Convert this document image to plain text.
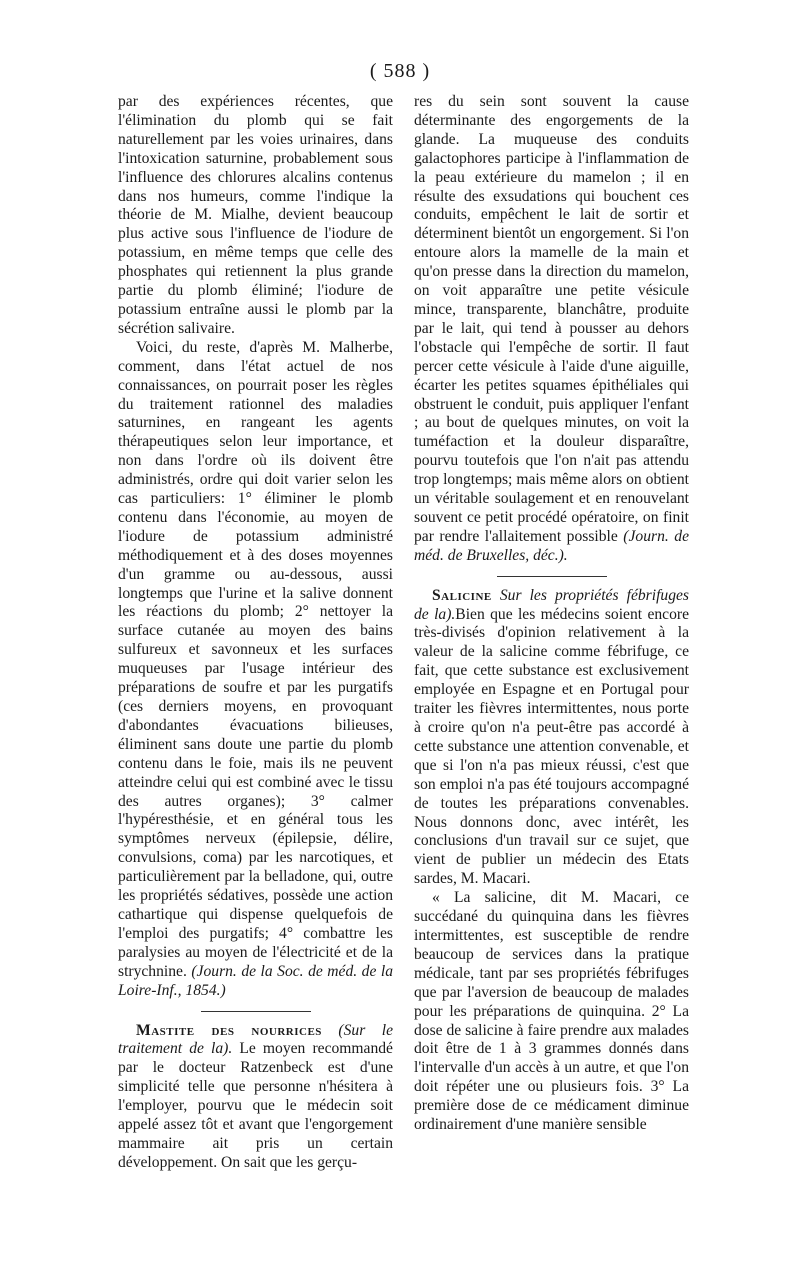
( 588 )

par des expériences récentes, que l'élimination du plomb qui se fait naturellement par les voies urinaires, dans l'intoxication saturnine, probablement sous l'influence des chlorures alcalins contenus dans nos humeurs, comme l'indique la théorie de M. Mialhe, devient beaucoup plus active sous l'influence de l'iodure de potassium, en même temps que celle des phosphates qui retiennent la plus grande partie du plomb éliminé; l'iodure de potassium entraîne aussi le plomb par la sécrétion salivaire.

Voici, du reste, d'après M. Malherbe, comment, dans l'état actuel de nos connaissances, on pourrait poser les règles du traitement rationnel des maladies saturnines, en rangeant les agents thérapeutiques selon leur importance, et non dans l'ordre où ils doivent être administrés, ordre qui doit varier selon les cas particuliers: 1° éliminer le plomb contenu dans l'économie, au moyen de l'iodure de potassium administré méthodiquement et à des doses moyennes d'un gramme ou au-dessous, aussi longtemps que l'urine et la salive donnent les réactions du plomb; 2° nettoyer la surface cutanée au moyen des bains sulfureux et savonneux et les surfaces muqueuses par l'usage intérieur des préparations de soufre et par les purgatifs (ces derniers moyens, en provoquant d'abondantes évacuations bilieuses, éliminent sans doute une partie du plomb contenu dans le foie, mais ils ne peuvent atteindre celui qui est combiné avec le tissu des autres organes); 3° calmer l'hypéresthésie, et en général tous les symptômes nerveux (épilepsie, délire, convulsions, coma) par les narcotiques, et particulièrement par la belladone, qui, outre les propriétés sédatives, possède une action cathartique qui dispense quelquefois de l'emploi des purgatifs; 4° combattre les paralysies au moyen de l'électricité et de la strychnine. (Journ. de la Soc. de méd. de la Loire-Inf., 1854.)

Mastite des nourrices (Sur le traitement de la). Le moyen recommandé par le docteur Ratzenbeck est d'une simplicité telle que personne n'hésitera à l'employer, pourvu que le médecin soit appelé assez tôt et avant que l'engorgement mammaire ait pris un certain développement. On sait que les gerçu-

res du sein sont souvent la cause déterminante des engorgements de la glande. La muqueuse des conduits galactophores participe à l'inflammation de la peau extérieure du mamelon ; il en résulte des exsudations qui bouchent ces conduits, empêchent le lait de sortir et déterminent bientôt un engorgement. Si l'on entoure alors la mamelle de la main et qu'on presse dans la direction du mamelon, on voit apparaître une petite vésicule mince, transparente, blanchâtre, produite par le lait, qui tend à pousser au dehors l'obstacle qui l'empêche de sortir. Il faut percer cette vésicule à l'aide d'une aiguille, écarter les petites squames épithéliales qui obstruent le conduit, puis appliquer l'enfant ; au bout de quelques minutes, on voit la tuméfaction et la douleur disparaître, pourvu toutefois que l'on n'ait pas attendu trop longtemps; mais même alors on obtient un véritable soulagement et en renouvelant souvent ce petit procédé opératoire, on finit par rendre l'allaitement possible (Journ. de méd. de Bruxelles, déc.).

Salicine Sur les propriétés fébrifuges de la).Bien que les médecins soient encore très-divisés d'opinion relativement à la valeur de la salicine comme fébrifuge, ce fait, que cette substance est exclusivement employée en Espagne et en Portugal pour traiter les fièvres intermittentes, nous porte à croire qu'on n'a peut-être pas accordé à cette substance une attention convenable, et que si l'on n'a pas mieux réussi, c'est que son emploi n'a pas été toujours accompagné de toutes les préparations convenables. Nous donnons donc, avec intérêt, les conclusions d'un travail sur ce sujet, que vient de publier un médecin des Etats sardes, M. Macari.

« La salicine, dit M. Macari, ce succédané du quinquina dans les fièvres intermittentes, est susceptible de rendre beaucoup de services dans la pratique médicale, tant par ses propriétés fébrifuges que par l'aversion de beaucoup de malades pour les préparations de quinquina. 2° La dose de salicine à faire prendre aux malades doit être de 1 à 3 grammes donnés dans l'intervalle d'un accès à un autre, et que l'on doit répéter une ou plusieurs fois. 3° La première dose de ce médicament diminue ordinairement d'une manière sensible
